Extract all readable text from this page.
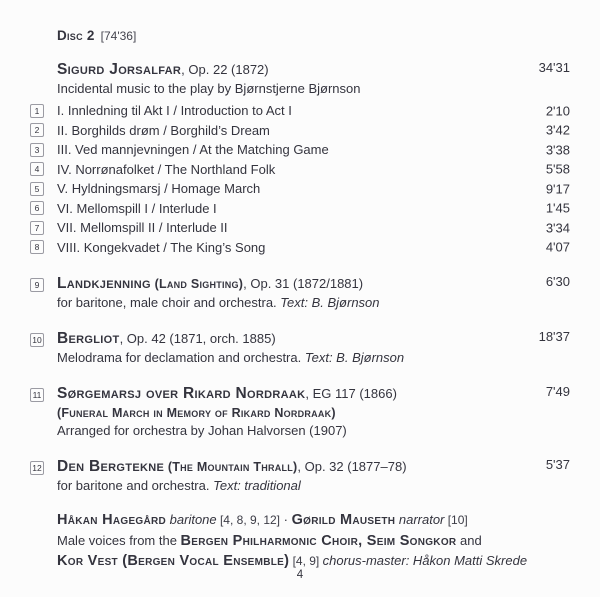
Disc 2 [74'36]
Sigurd Jorsalfar, Op. 22 (1872)	34'31
Incidental music to the play by Bjørnstjerne Bjørnson
1	I. Innledning til Akt I / Introduction to Act I	2'10
2	II. Borghilds drøm / Borghild’s Dream	3'42
3	III. Ved mannjevningen / At the Matching Game	3'38
4	IV. Norrønafolket / The Northland Folk	5'58
5	V. Hyldningsmarsj / Homage March	9'17
6	VI. Mellomspill I / Interlude I	1'45
7	VII. Mellomspill II / Interlude II	3'34
8	VIII. Kongekvadet / The King’s Song	4'07
9 Landkjenning (Land Sighting), Op. 31 (1872/1881)	6'30
for baritone, male choir and orchestra. Text: B. Bjørnson
10 Bergliot, Op. 42 (1871, orch. 1885)	18'37
Melodrama for declamation and orchestra. Text: B. Bjørnson
11 Sørgemarsj over Rikard Nordraak, EG 117 (1866)	7'49
(Funeral March in Memory of Rikard Nordraak)
Arranged for orchestra by Johan Halvorsen (1907)
12 Den Bergtekne (The Mountain Thrall), Op. 32 (1877–78)	5'37
for baritone and orchestra. Text: traditional
Håkan Hagegård baritone [4, 8, 9, 12] · Gørild Mauseth narrator [10]
Male voices from the Bergen Philharmonic Choir, Seim Songkor and
Kor Vest (Bergen Vocal Ensemble) [4, 9] chorus-master: Håkon Matti Skrede
4
